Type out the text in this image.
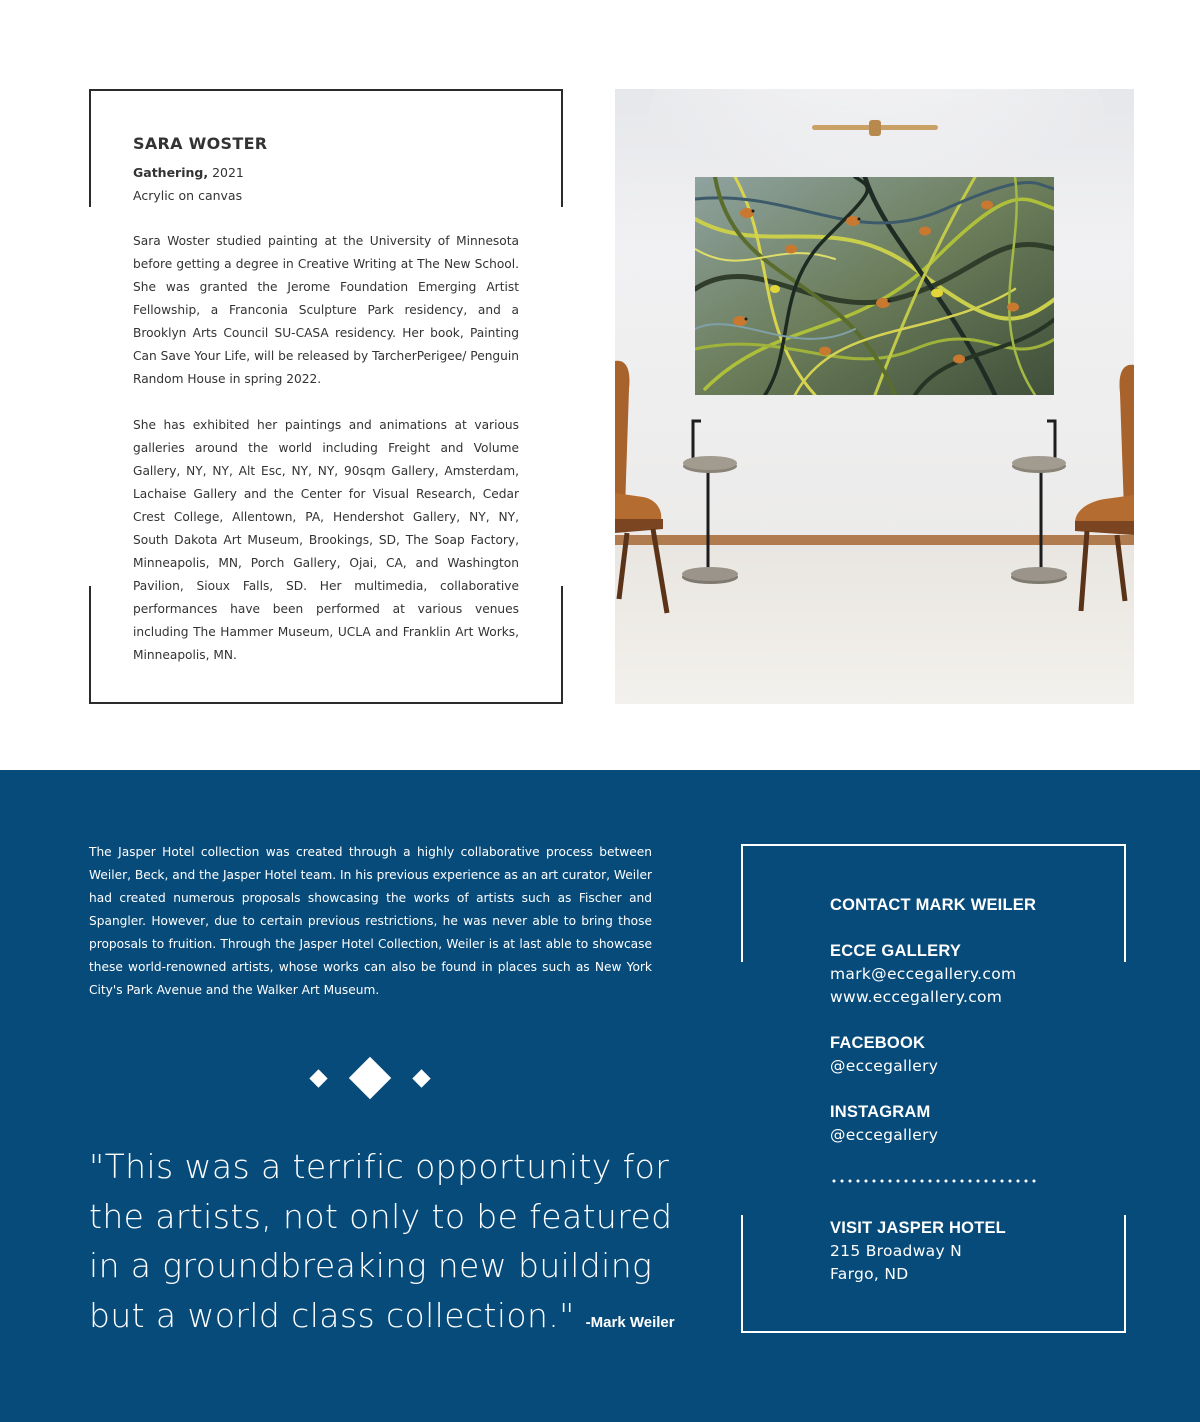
SARA WOSTER
Gathering, 2021
Acrylic on canvas

Sara Woster studied painting at the University of Minnesota before getting a degree in Creative Writing at The New School. She was granted the Jerome Foundation Emerging Artist Fellowship, a Franconia Sculpture Park residency, and a Brooklyn Arts Council SU-CASA residency. Her book, Painting Can Save Your Life, will be released by TarcherPerigee/ Penguin Random House in spring 2022.

She has exhibited her paintings and animations at various galleries around the world including Freight and Volume Gallery, NY, NY, Alt Esc, NY, NY, 90sqm Gallery, Amsterdam, Lachaise Gallery and the Center for Visual Research, Cedar Crest College, Allentown, PA, Hendershot Gallery, NY, NY, South Dakota Art Museum, Brookings, SD, The Soap Factory, Minneapolis, MN, Porch Gallery, Ojai, CA, and Washington Pavilion, Sioux Falls, SD. Her multimedia, collaborative performances have been performed at various venues including The Hammer Museum, UCLA and Franklin Art Works, Minneapolis, MN.

The Jasper Hotel collection was created through a highly collaborative process between Weiler, Beck, and the Jasper Hotel team. In his previous experience as an art curator, Weiler had created numerous proposals showcasing the works of artists such as Fischer and Spangler. However, due to certain previous restrictions, he was never able to bring those proposals to fruition. Through the Jasper Hotel Collection, Weiler is at last able to showcase these world-renowned artists, whose works can also be found in places such as New York City's Park Avenue and the Walker Art Museum.

"This was a terrific opportunity for the artists, not only to be featured in a groundbreaking new building but a world class collection." -Mark Weiler
CONTACT MARK WEILER
ECCE GALLERY
mark@eccegallery.com
www.eccegallery.com
FACEBOOK
@eccegallery
INSTAGRAM
@eccegallery
VISIT JASPER HOTEL
215 Broadway N
Fargo, ND
